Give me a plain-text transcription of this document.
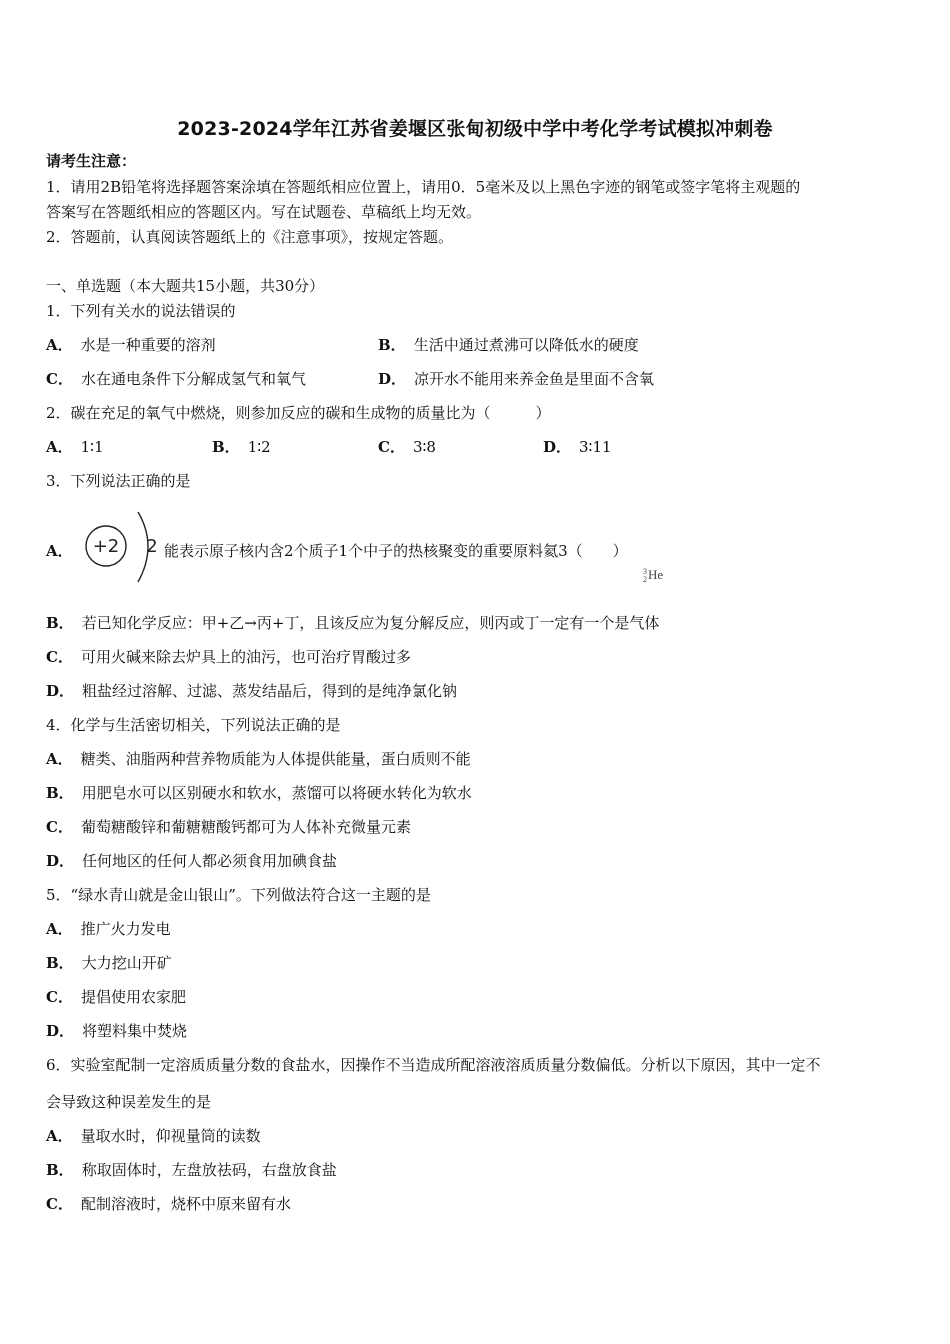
2023-2024学年江苏省姜堰区张甸初级中学中考化学考试模拟冲刺卷
请考生注意：
1．请用2B铅笔将选择题答案涂填在答题纸相应位置上，请用0．5毫米及以上黑色字迹的钢笔或签字笔将主观题的
答案写在答题纸相应的答题区内。写在试题卷、草稿纸上均无效。
2．答题前，认真阅读答题纸上的《注意事项》，按规定答题。
一、单选题（本大题共15小题，共30分）
1．下列有关水的说法错误的
A． 水是一种重要的溶剂	B． 生活中通过煮沸可以降低水的硬度
C． 水在通电条件下分解成氢气和氧气	D． 凉开水不能用来养金鱼是里面不含氧
2．碳在充足的氧气中燃烧，则参加反应的碳和生成物的质量比为（　　　）
A． 1∶1	B． 1∶2	C． 3∶8	D． 3∶11
3．下列说法正确的是
A． +2 2 能表示原子核内含2个质子1个中子的热核聚变的重要原料氦3（　　）
3
2He
B． 若已知化学反应：甲+乙→丙+丁，且该反应为复分解反应，则丙或丁一定有一个是气体
C． 可用火碱来除去炉具上的油污，也可治疗胃酸过多
D． 粗盐经过溶解、过滤、蒸发结晶后，得到的是纯净氯化钠
4．化学与生活密切相关，下列说法正确的是
A． 糖类、油脂两种营养物质能为人体提供能量，蛋白质则不能
B． 用肥皂水可以区别硬水和软水，蒸馏可以将硬水转化为软水
C． 葡萄糖酸锌和葡糖糖酸钙都可为人体补充微量元素
D． 任何地区的任何人都必须食用加碘食盐
5．“绿水青山就是金山银山”。下列做法符合这一主题的是
A． 推广火力发电
B． 大力挖山开矿
C． 提倡使用农家肥
D． 将塑料集中焚烧
6．实验室配制一定溶质质量分数的食盐水，因操作不当造成所配溶液溶质质量分数偏低。分析以下原因，其中一定不
会导致这种误差发生的是
A． 量取水时，仰视量筒的读数
B． 称取固体时，左盘放祛码，右盘放食盐
C． 配制溶液时，烧杯中原来留有水
